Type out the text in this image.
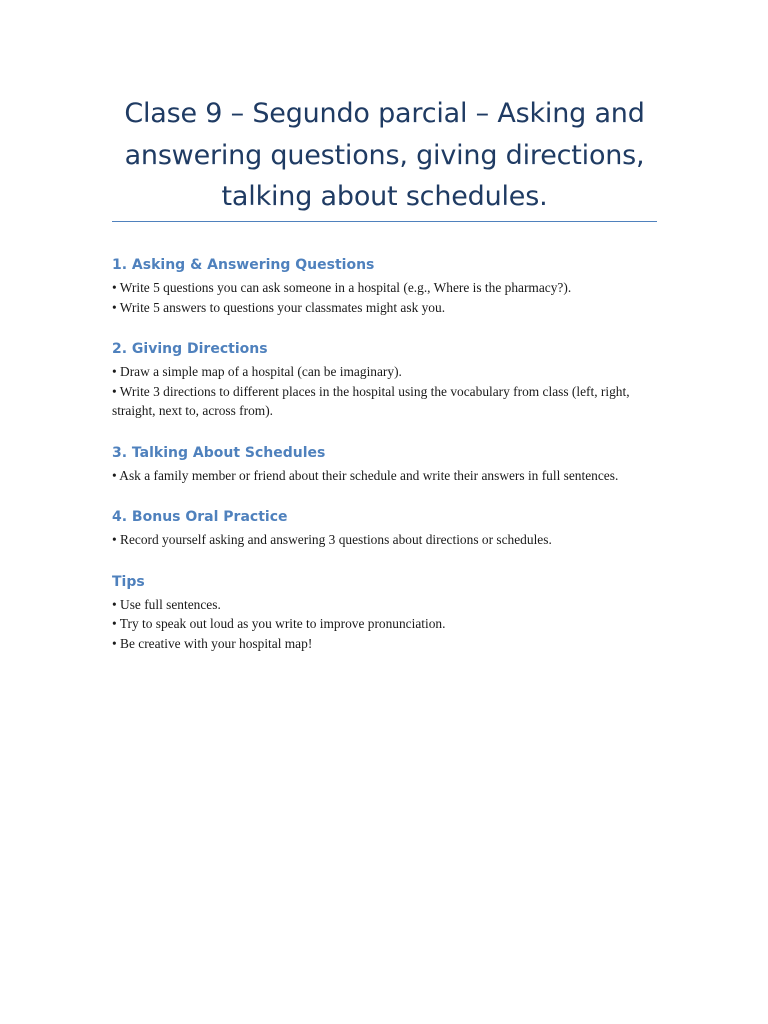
Clase 9 – Segundo parcial – Asking and answering questions, giving directions, talking about schedules.
1. Asking & Answering Questions

• Write 5 questions you can ask someone in a hospital (e.g., Where is the pharmacy?).

• Write 5 answers to questions your classmates might ask you.

2. Giving Directions

• Draw a simple map of a hospital (can be imaginary).

• Write 3 directions to different places in the hospital using the vocabulary from class (left, right, straight, next to, across from).

3. Talking About Schedules

• Ask a family member or friend about their schedule and write their answers in full sentences.

4. Bonus Oral Practice

• Record yourself asking and answering 3 questions about directions or schedules.

Tips

• Use full sentences.

• Try to speak out loud as you write to improve pronunciation.

• Be creative with your hospital map!
